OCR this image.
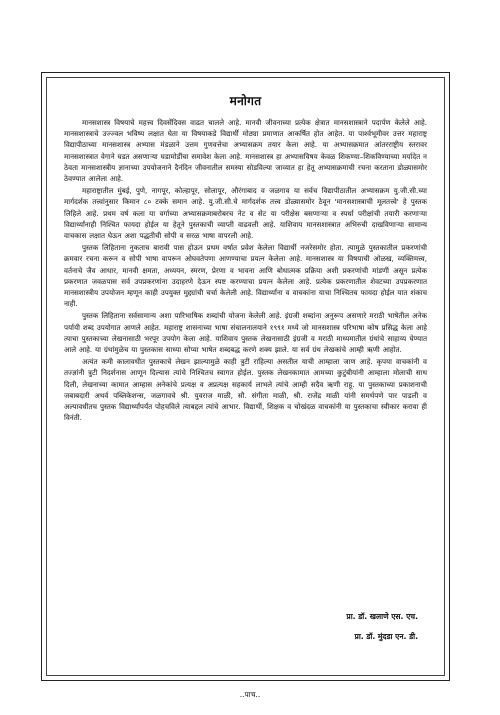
मनोगत

मानसशास्त्र विषयाचे महत्त्व दिवसेंदिवस वाढत चालले आहे. मानवी जीवनाच्या प्रत्येक क्षेत्रात मानसशास्त्राने पदार्पण केलेले आहे. मानसशास्त्राचे उज्ज्वल भविष्य लक्षात घेता या विषयाकडे विद्यार्थी मोठ्या प्रमाणात आकर्षित होत आहेत. या पार्श्वभूमीवर उत्तर महाराष्ट्र विद्यापीठाच्या मानसशास्त्र अभ्यास मंडळाने उत्तम गुणवत्तेचा अभ्यासक्रम तयार केला आहे. या अभ्यासक्रमात आंतरराष्ट्रीय स्तरावर मानसशास्त्रात वेगाने घडत असणाऱ्या घडामोडींचा समावेश केला आहे. मानसशास्त्र हा अभ्यासविषय केवळ शिकण्या–शिकविण्याच्या मर्यादेत न ठेवता मानसशास्त्रीय ज्ञानाच्या उपयोजनाने दैनंदिन जीवनातील समस्या सोडविल्या जाव्यात हा हेतू अभ्यासक्रमाची रचना करताना डोळ्यासमोर ठेवण्यात आलेला आहे.

महाराष्ट्रातील मुंबई, पुणे, नागपूर, कोल्हापूर, सोलापूर, औरंगाबाद व जळगाव या सर्वच विद्यापीठातील अभ्यासक्रम यु.जी.सी.च्या मार्गदर्शक तत्त्वांनुसार किमान ८० टक्के समान आहे. यु.जी.सी.चे मार्गदर्शक तत्त्व डोळ्यासमोर ठेवून 'मानसशास्त्राची मूलतत्त्वे' हे पुस्तक लिहिले आहे. प्रथम वर्ष कला या वर्गाच्या अभ्यासक्रमाबरोबरच नेट व सेट या परीक्षेस बसणाऱ्या व स्पर्धा परीक्षांची तयारी करणाऱ्या विद्यार्थ्यांनाही निश्चित फायदा होईल या हेतूने पुस्तकाची व्याप्ती वाढवली आहे. याशिवाय मानसशास्त्रात अभिरुची दाखविणाऱ्या सामान्य वाचकास लक्षात घेऊन अशा पद्धतीची सोपी व सरळ भाषा वापरली आहे.

पुस्तक लिहिताना नुकताच बारावी पास होऊन प्रथम वर्षात प्रवेश केलेला विद्यार्थी नजरेसमोर होता. त्यामुळे पुस्तकातील प्रकरणांची क्रमवार रचना करून व सोपी भाषा वापरून ओघवतेपणा आणण्याचा प्रयत्न केलेला आहे. मानसशास्त्र या विषयाची ओळख, व्यक्तिमत्त्व, वर्तनाचे जैव आधार, मानवी क्षमता, अध्ययन, स्मरण, प्रेरणा व भावना आणि बोधात्मक प्रक्रिया अशी प्रकरणांची मांडणी असून प्रत्येक प्रकरणात जवळपास सर्व उपप्रकरणांना उदाहरणे देऊन स्पष्ट करण्याचा प्रयत्न केलेला आहे. प्रत्येक प्रकरणातील शेवटच्या उपप्रकरणात मानसशास्त्रीय उपयोजन म्हणून काही उपयुक्त मुद्द्यांची चर्चा केलेली आहे. विद्यार्थ्यांना व वाचकांना याचा निश्चितच फायदा होईल यात शंकाच नाही.

पुस्तक लिहिताना सर्वसामान्य अशा पारिभाषिक शब्दांची योजना केलेली आहे. इंग्रजी शब्दांना अनुरूप असणारे मराठी भाषेतील अनेक पर्यायी शब्द उपयोगात आणले आहेत. महाराष्ट्र शासनाच्या भाषा संचालनालयाने १९९१ मध्ये जो मानसशास्त्र परिभाषा कोष प्रसिद्ध केला आहे त्याचा पुस्तकाच्या लेखनासाठी भरपूर उपयोग केला आहे. याशिवाय पुस्तक लेखनासाठी इंग्रजी व मराठी माध्यमातील ग्रंथांचे साहाय्य घेण्यात आले आहे. या ग्रंथांमुळेच या पुस्तकास साध्या सोप्या भाषेत शब्दबद्ध करणे शक्य झाले. या सर्व ग्रंथ लेखकांचे आम्ही ऋणी आहोत.

अत्यंत कमी कालावधीत पुस्तकाचे लेखन झाल्यामुळे काही त्रुटी राहिल्या असतील याची आम्हाला जाण आहे. कृपया वाचकांनी व तज्ज्ञांनी त्रुटी निदर्शनास आणून दिल्यास त्यांचे निश्चितच स्वागत होईल. पुस्तक लेखनकामात आमच्या कुटुंबीयांनी आम्हाला मोलाची साथ दिली, लेखनाच्या कामात आम्हास अनेकांचे प्रत्यक्ष व अप्रत्यक्ष सहकार्य लाभले त्यांचे आम्ही सदैव ऋणी राहू. या पुस्तकाच्या प्रकाशनाची जबाबदारी अथर्व पब्लिकेशन्स, जळगावचे श्री. युवराज माळी, सौ. संगीता माळी, श्री. राजेंद्र माळी यांनी समर्थपणे पार पाडली व अल्पावधीतच पुस्तक विद्यार्थ्यांपर्यंत पोहचविले त्याबद्दल त्यांचे आभार. विद्यार्थी, शिक्षक व चोखंदळ वाचकांनी या पुस्तकाचा स्वीकार करावा ही विनंती.

प्रा. डॉ. खलाणे एस. एच.
प्रा. डॉ. मुंदडा एन. डी.
..पाच..
